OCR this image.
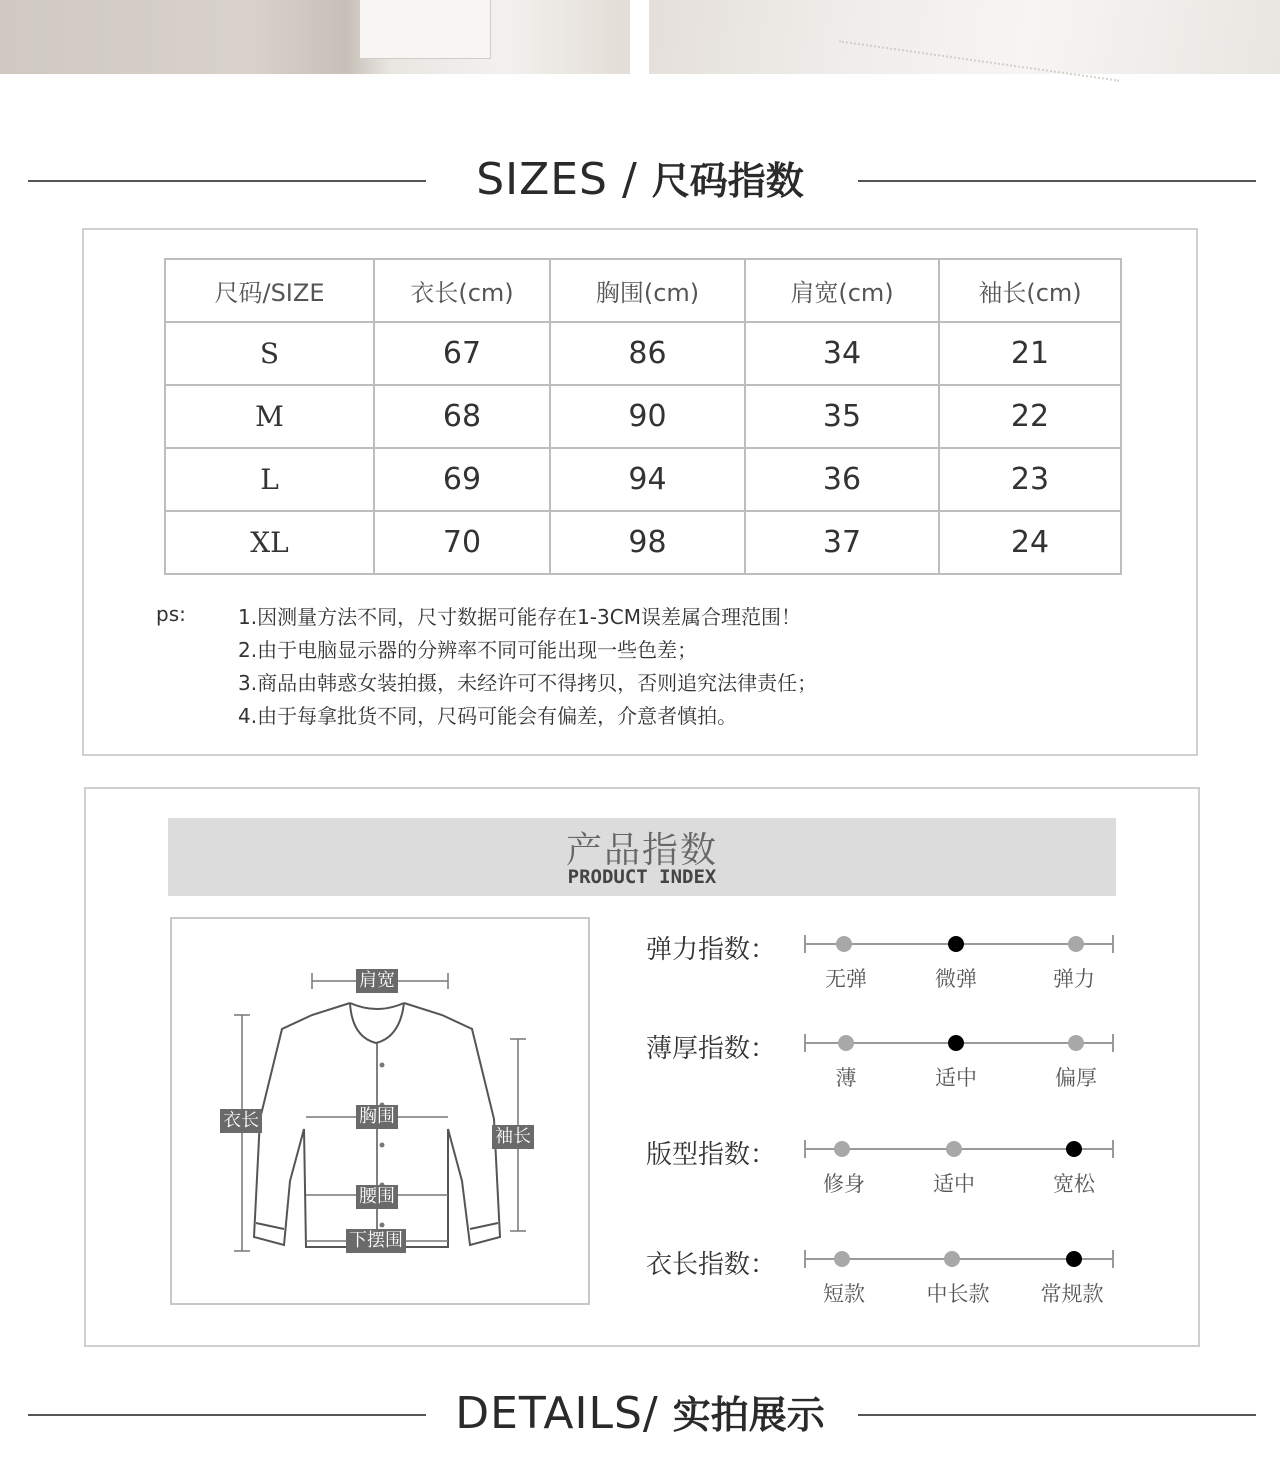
SIZES / 尺码指数
尺码/SIZE	衣长(cm)	胸围(cm)	肩宽(cm)	袖长(cm)
S	67	86	34	21
M	68	90	35	22
L	69	94	36	23
XL	70	98	37	24
ps:	1.因测量方法不同，尺寸数据可能存在1-3CM误差属合理范围！
2.由于电脑显示器的分辨率不同可能出现一些色差；
3.商品由韩惑女装拍摄，未经许可不得拷贝，否则追究法律责任；
4.由于每拿批货不同，尺码可能会有偏差，介意者慎拍。
产品指数
PRODUCT INDEX
肩宽
衣长	胸围
袖长
腰围
下摆围
弹力指数：
无弹	微弹	弹力
薄厚指数：
薄	适中	偏厚
版型指数：
修身	适中	宽松
衣长指数：
短款	中长款	常规款
DETAILS/ 实拍展示
